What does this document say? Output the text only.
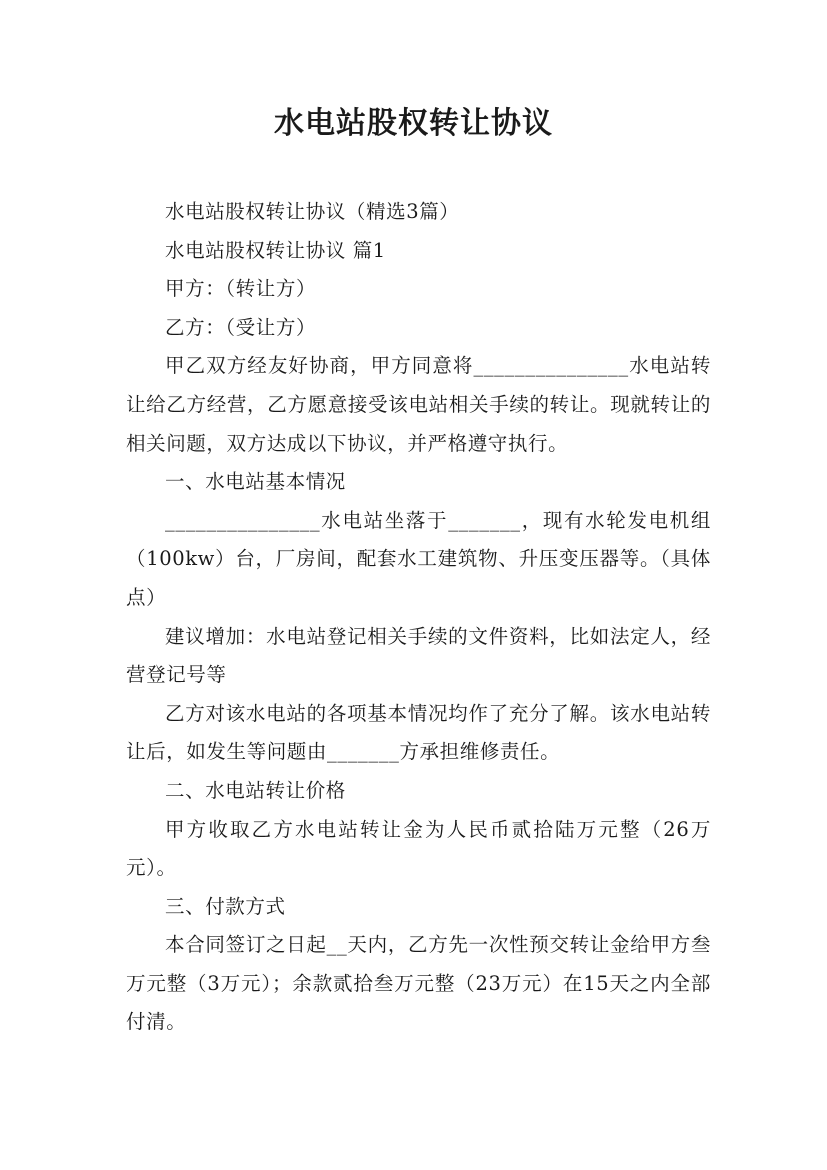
水电站股权转让协议

水电站股权转让协议（精选3篇）

水电站股权转让协议 篇1

甲方：（转让方）

乙方：（受让方）

甲乙双方经友好协商，甲方同意将_______________水电站转让给乙方经营，乙方愿意接受该电站相关手续的转让。现就转让的相关问题，双方达成以下协议，并严格遵守执行。

一、水电站基本情况

_______________水电站坐落于_______，现有水轮发电机组（100kw）台，厂房间，配套水工建筑物、升压变压器等。（具体点）

建议增加：水电站登记相关手续的文件资料，比如法定人，经营登记号等

乙方对该水电站的各项基本情况均作了充分了解。该水电站转让后，如发生等问题由_______方承担维修责任。

二、水电站转让价格

甲方收取乙方水电站转让金为人民币贰拾陆万元整（26万元）。

三、付款方式

本合同签订之日起__天内，乙方先一次性预交转让金给甲方叁万元整（3万元）；余款贰拾叁万元整（23万元）在15天之内全部付清。
